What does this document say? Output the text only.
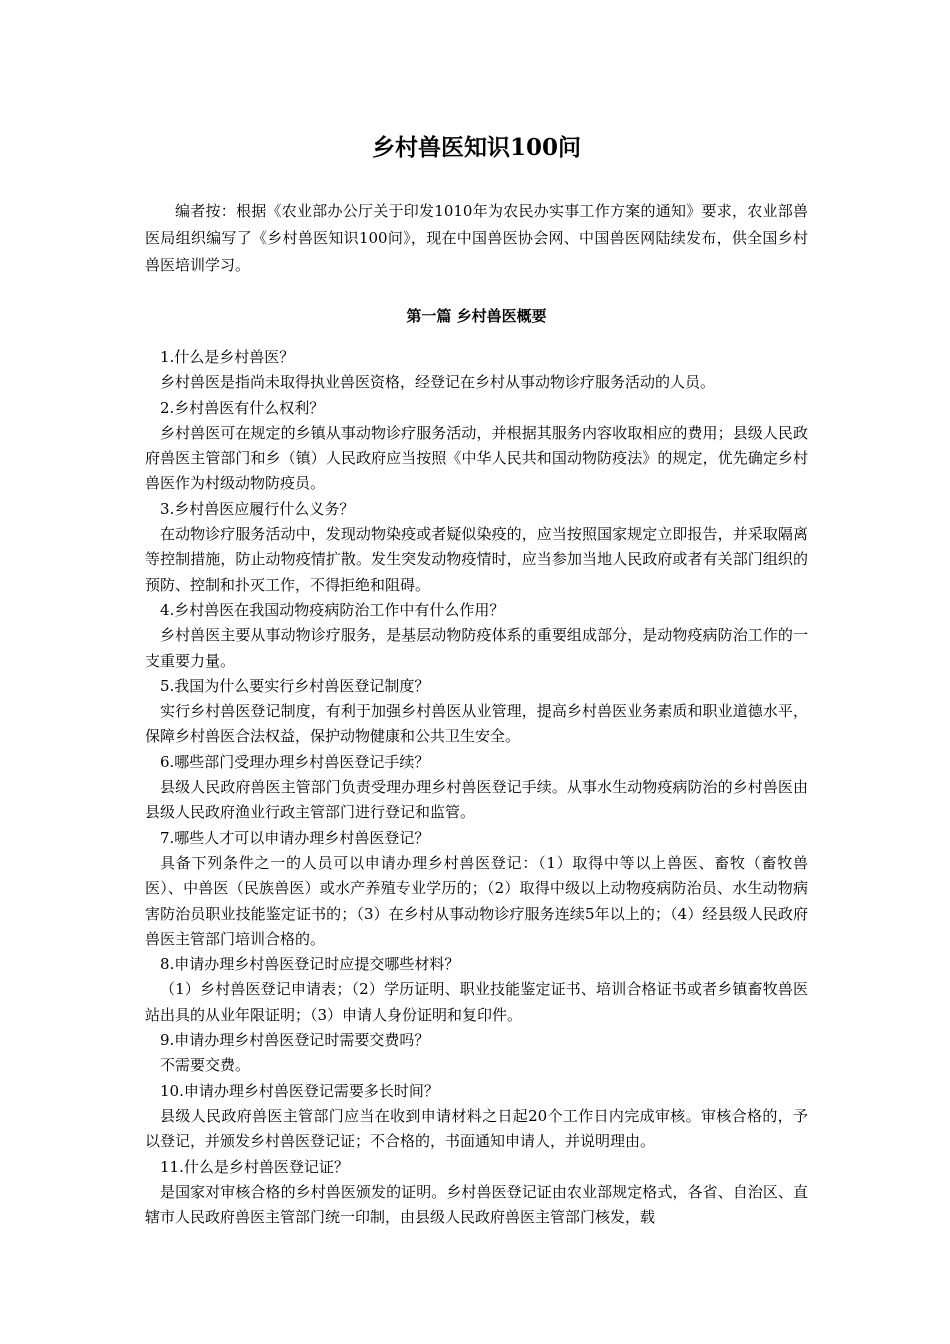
乡村兽医知识100问

编者按：根据《农业部办公厅关于印发1010年为农民办实事工作方案的通知》要求，农业部兽医局组织编写了《乡村兽医知识100问》，现在中国兽医协会网、中国兽医网陆续发布，供全国乡村兽医培训学习。

第一篇 乡村兽医概要

1.什么是乡村兽医？

乡村兽医是指尚未取得执业兽医资格，经登记在乡村从事动物诊疗服务活动的人员。

2.乡村兽医有什么权利？

乡村兽医可在规定的乡镇从事动物诊疗服务活动，并根据其服务内容收取相应的费用；县级人民政府兽医主管部门和乡（镇）人民政府应当按照《中华人民共和国动物防疫法》的规定，优先确定乡村兽医作为村级动物防疫员。

3.乡村兽医应履行什么义务？

在动物诊疗服务活动中，发现动物染疫或者疑似染疫的，应当按照国家规定立即报告，并采取隔离等控制措施，防止动物疫情扩散。发生突发动物疫情时，应当参加当地人民政府或者有关部门组织的预防、控制和扑灭工作，不得拒绝和阻碍。

4.乡村兽医在我国动物疫病防治工作中有什么作用？

乡村兽医主要从事动物诊疗服务，是基层动物防疫体系的重要组成部分，是动物疫病防治工作的一支重要力量。

5.我国为什么要实行乡村兽医登记制度？

实行乡村兽医登记制度，有利于加强乡村兽医从业管理，提高乡村兽医业务素质和职业道德水平，保障乡村兽医合法权益，保护动物健康和公共卫生安全。

6.哪些部门受理办理乡村兽医登记手续？

县级人民政府兽医主管部门负责受理办理乡村兽医登记手续。从事水生动物疫病防治的乡村兽医由县级人民政府渔业行政主管部门进行登记和监管。

7.哪些人才可以申请办理乡村兽医登记？

具备下列条件之一的人员可以申请办理乡村兽医登记：（1）取得中等以上兽医、畜牧（畜牧兽医）、中兽医（民族兽医）或水产养殖专业学历的；（2）取得中级以上动物疫病防治员、水生动物病害防治员职业技能鉴定证书的；（3）在乡村从事动物诊疗服务连续5年以上的；（4）经县级人民政府兽医主管部门培训合格的。

8.申请办理乡村兽医登记时应提交哪些材料？

（1）乡村兽医登记申请表；（2）学历证明、职业技能鉴定证书、培训合格证书或者乡镇畜牧兽医站出具的从业年限证明；（3）申请人身份证明和复印件。

9.申请办理乡村兽医登记时需要交费吗？

不需要交费。

10.申请办理乡村兽医登记需要多长时间？

县级人民政府兽医主管部门应当在收到申请材料之日起20个工作日内完成审核。审核合格的，予以登记，并颁发乡村兽医登记证；不合格的，书面通知申请人，并说明理由。

11.什么是乡村兽医登记证？

是国家对审核合格的乡村兽医颁发的证明。乡村兽医登记证由农业部规定格式，各省、自治区、直辖市人民政府兽医主管部门统一印制，由县级人民政府兽医主管部门核发，载
